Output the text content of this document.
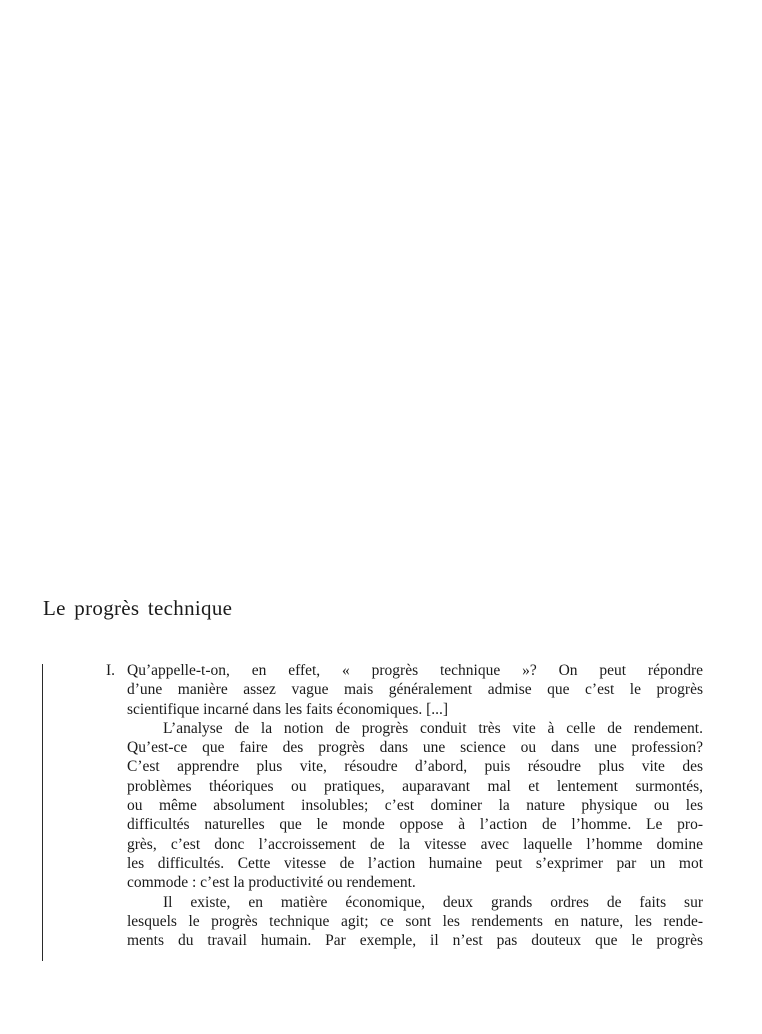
Le progrès technique
I. Qu’appelle-t-on, en effet, « progrès technique »? On peut répondre
d’une manière assez vague mais généralement admise que c’est le progrès
scientifique incarné dans les faits économiques. [...]

L’analyse de la notion de progrès conduit très vite à celle de rendement.
Qu’est-ce que faire des progrès dans une science ou dans une profession?
C’est apprendre plus vite, résoudre d’abord, puis résoudre plus vite des
problèmes théoriques ou pratiques, auparavant mal et lentement surmontés,
ou même absolument insolubles; c’est dominer la nature physique ou les
difficultés naturelles que le monde oppose à l’action de l’homme. Le pro-
grès, c’est donc l’accroissement de la vitesse avec laquelle l’homme domine
les difficultés. Cette vitesse de l’action humaine peut s’exprimer par un mot
commode : c’est la productivité ou rendement.

Il existe, en matière économique, deux grands ordres de faits sur
lesquels le progrès technique agit; ce sont les rendements en nature, les rende-
ments du travail humain. Par exemple, il n’est pas douteux que le progrès
